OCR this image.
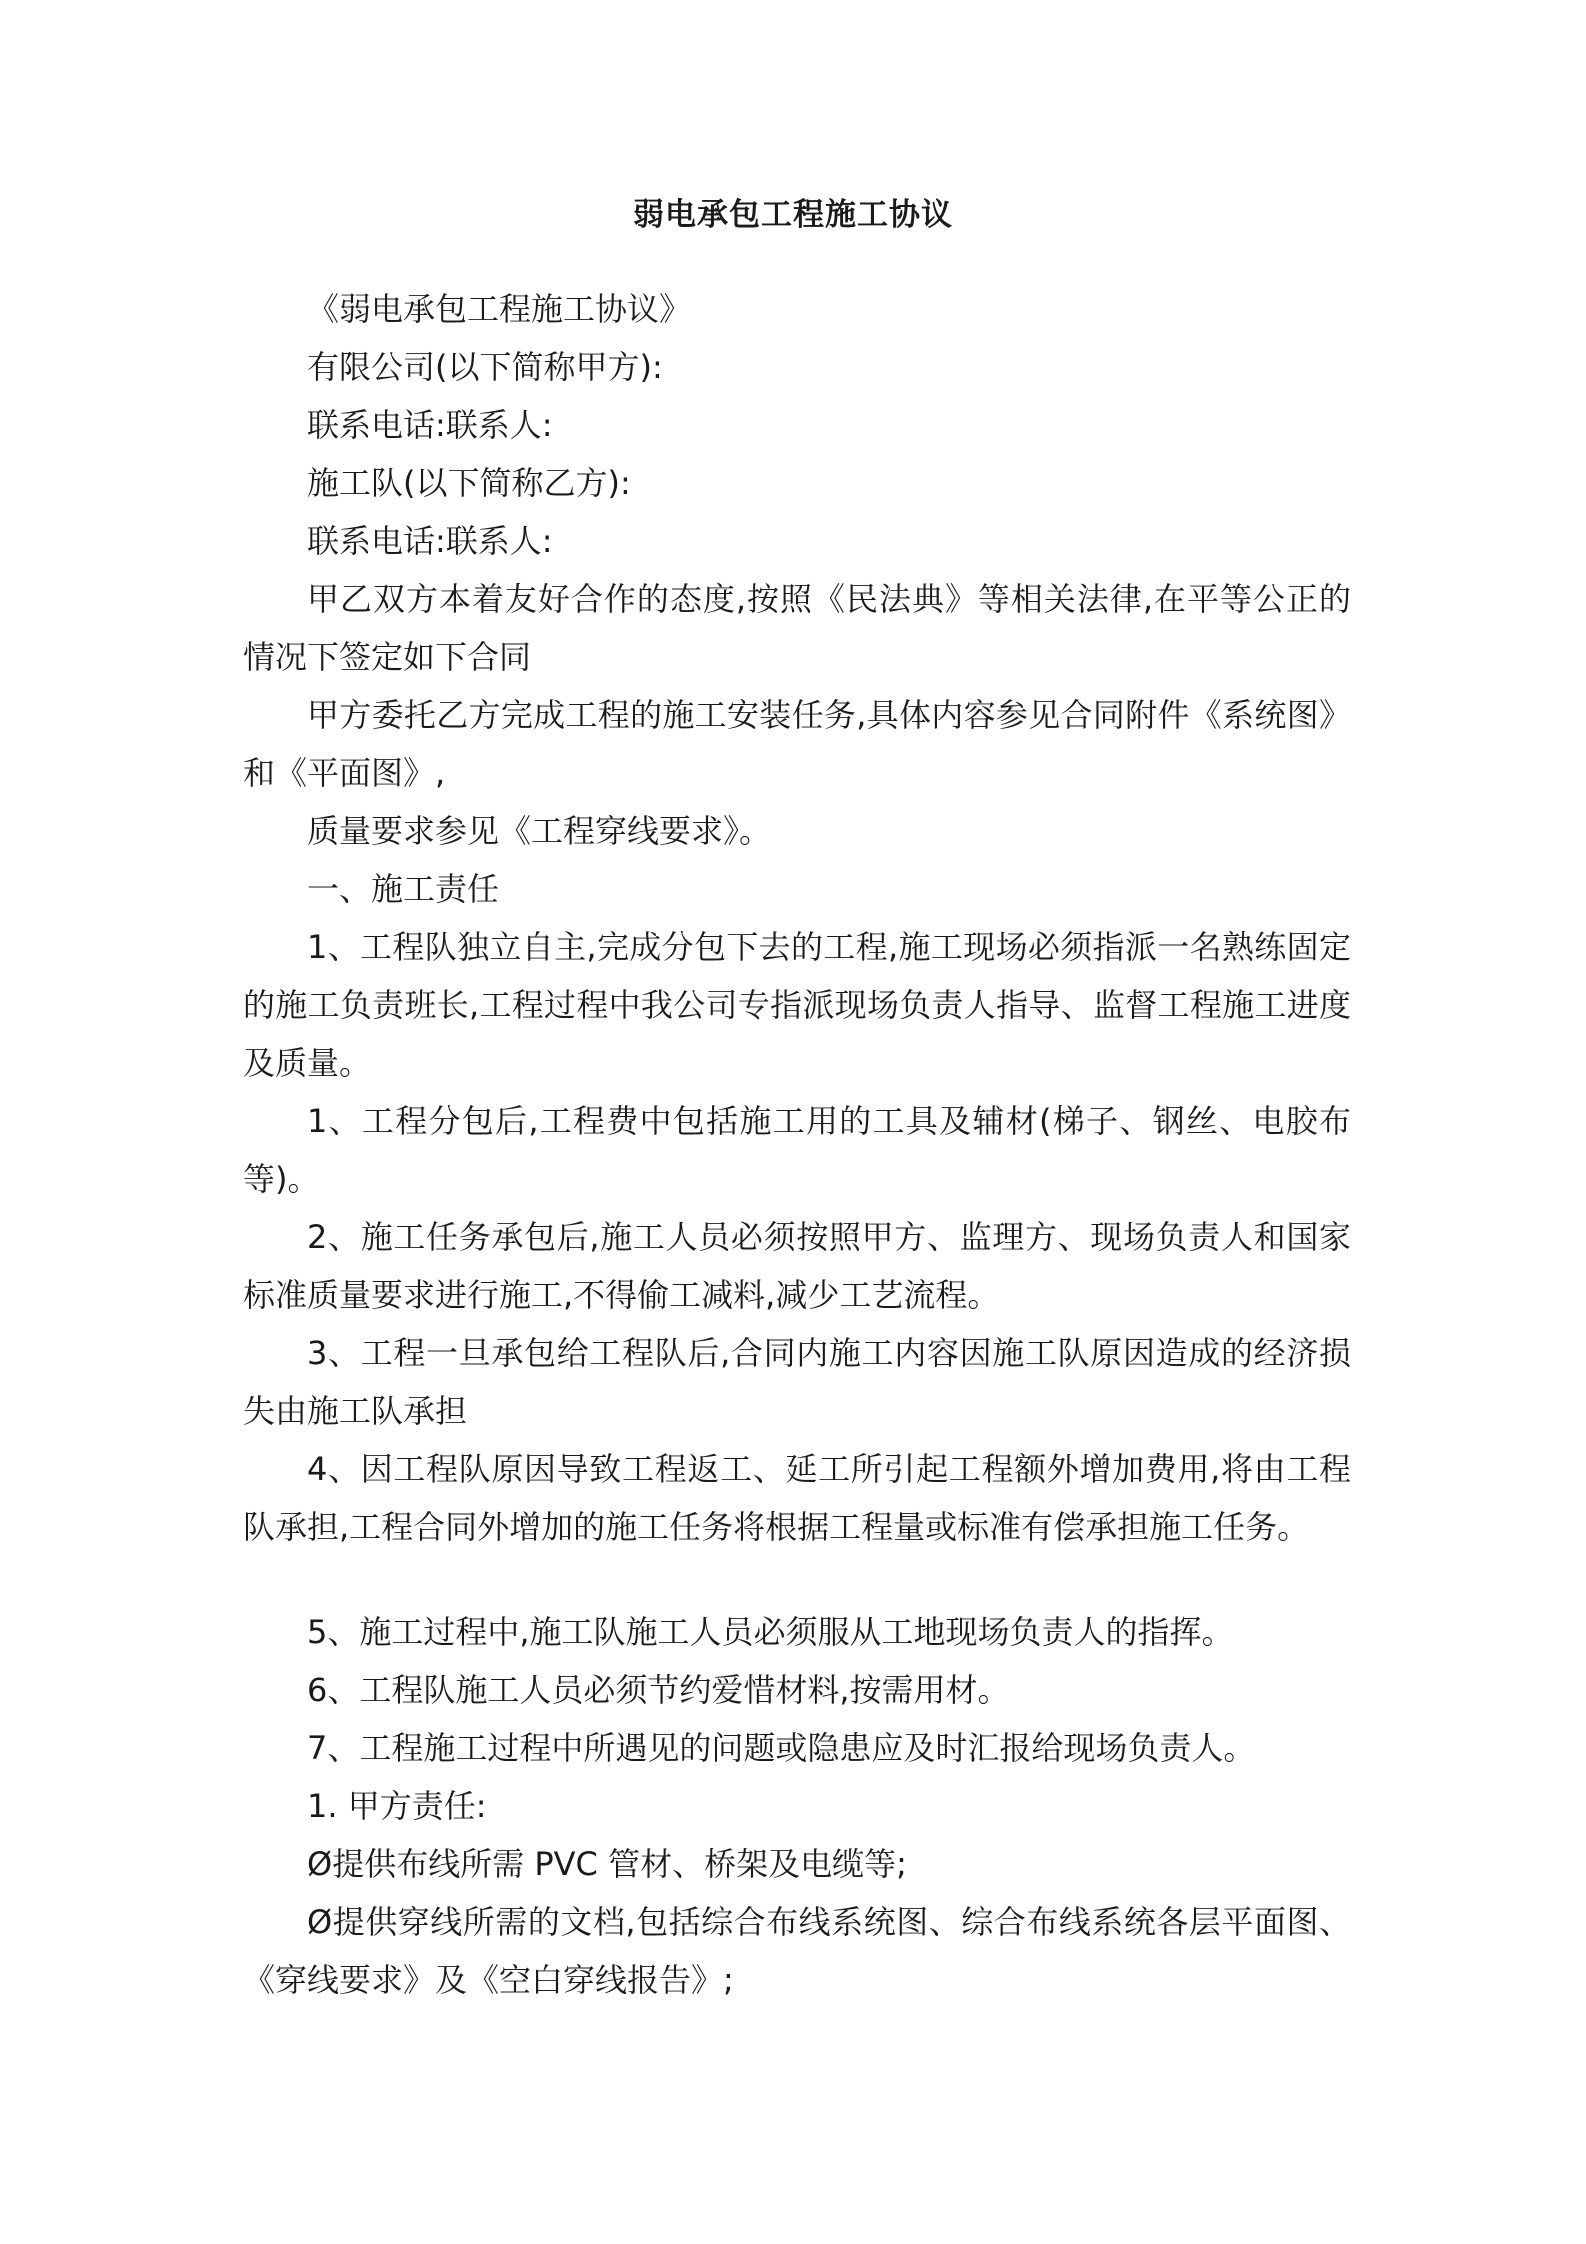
弱电承包工程施工协议

《弱电承包工程施工协议》

有限公司(以下简称甲方):

联系电话:联系人:

施工队(以下简称乙方):

联系电话:联系人:

甲乙双方本着友好合作的态度,按照《民法典》等相关法律,在平等公正的情况下签定如下合同

甲方委托乙方完成工程的施工安装任务,具体内容参见合同附件《系统图》和《平面图》,

质量要求参见《工程穿线要求》。

一、施工责任

1、工程队独立自主,完成分包下去的工程,施工现场必须指派一名熟练固定的施工负责班长,工程过程中我公司专指派现场负责人指导、监督工程施工进度及质量。

1、工程分包后,工程费中包括施工用的工具及辅材(梯子、钢丝、电胶布等)。

2、施工任务承包后,施工人员必须按照甲方、监理方、现场负责人和国家标准质量要求进行施工,不得偷工减料,减少工艺流程。

3、工程一旦承包给工程队后,合同内施工内容因施工队原因造成的经济损失由施工队承担

4、因工程队原因导致工程返工、延工所引起工程额外增加费用,将由工程队承担,工程合同外增加的施工任务将根据工程量或标准有偿承担施工任务。

5、施工过程中,施工队施工人员必须服从工地现场负责人的指挥。

6、工程队施工人员必须节约爱惜材料,按需用材。

7、工程施工过程中所遇见的问题或隐患应及时汇报给现场负责人。

1. 甲方责任:

Ø提供布线所需 PVC 管材、桥架及电缆等;

Ø提供穿线所需的文档,包括综合布线系统图、综合布线系统各层平面图、《穿线要求》及《空白穿线报告》;
